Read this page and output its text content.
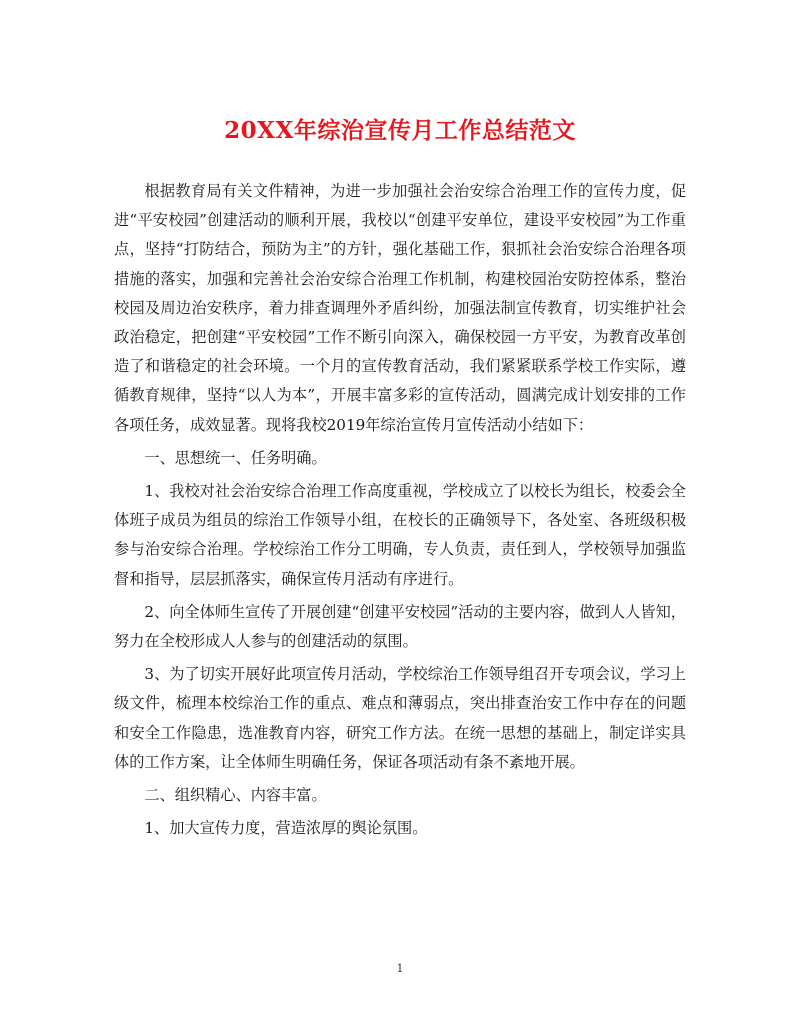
20XX年综治宣传月工作总结范文

根据教育局有关文件精神，为进一步加强社会治安综合治理工作的宣传力度，促进“平安校园”创建活动的顺利开展，我校以“创建平安单位，建设平安校园”为工作重点，坚持“打防结合，预防为主”的方针，强化基础工作，狠抓社会治安综合治理各项措施的落实，加强和完善社会治安综合治理工作机制，构建校园治安防控体系，整治校园及周边治安秩序，着力排查调理外矛盾纠纷，加强法制宣传教育，切实维护社会政治稳定，把创建“平安校园”工作不断引向深入，确保校园一方平安，为教育改革创造了和谐稳定的社会环境。一个月的宣传教育活动，我们紧紧联系学校工作实际，遵循教育规律，坚持“以人为本”，开展丰富多彩的宣传活动，圆满完成计划安排的工作各项任务，成效显著。现将我校2019年综治宣传月宣传活动小结如下：

一、思想统一、任务明确。

1、我校对社会治安综合治理工作高度重视，学校成立了以校长为组长，校委会全体班子成员为组员的综治工作领导小组，在校长的正确领导下，各处室、各班级积极参与治安综合治理。学校综治工作分工明确，专人负责，责任到人，学校领导加强监督和指导，层层抓落实，确保宣传月活动有序进行。

2、向全体师生宣传了开展创建“创建平安校园”活动的主要内容，做到人人皆知，努力在全校形成人人参与的创建活动的氛围。

3、为了切实开展好此项宣传月活动，学校综治工作领导组召开专项会议，学习上级文件，梳理本校综治工作的重点、难点和薄弱点，突出排查治安工作中存在的问题和安全工作隐患，选准教育内容，研究工作方法。在统一思想的基础上，制定详实具体的工作方案，让全体师生明确任务，保证各项活动有条不紊地开展。

二、组织精心、内容丰富。

1、加大宣传力度，营造浓厚的舆论氛围。

1
